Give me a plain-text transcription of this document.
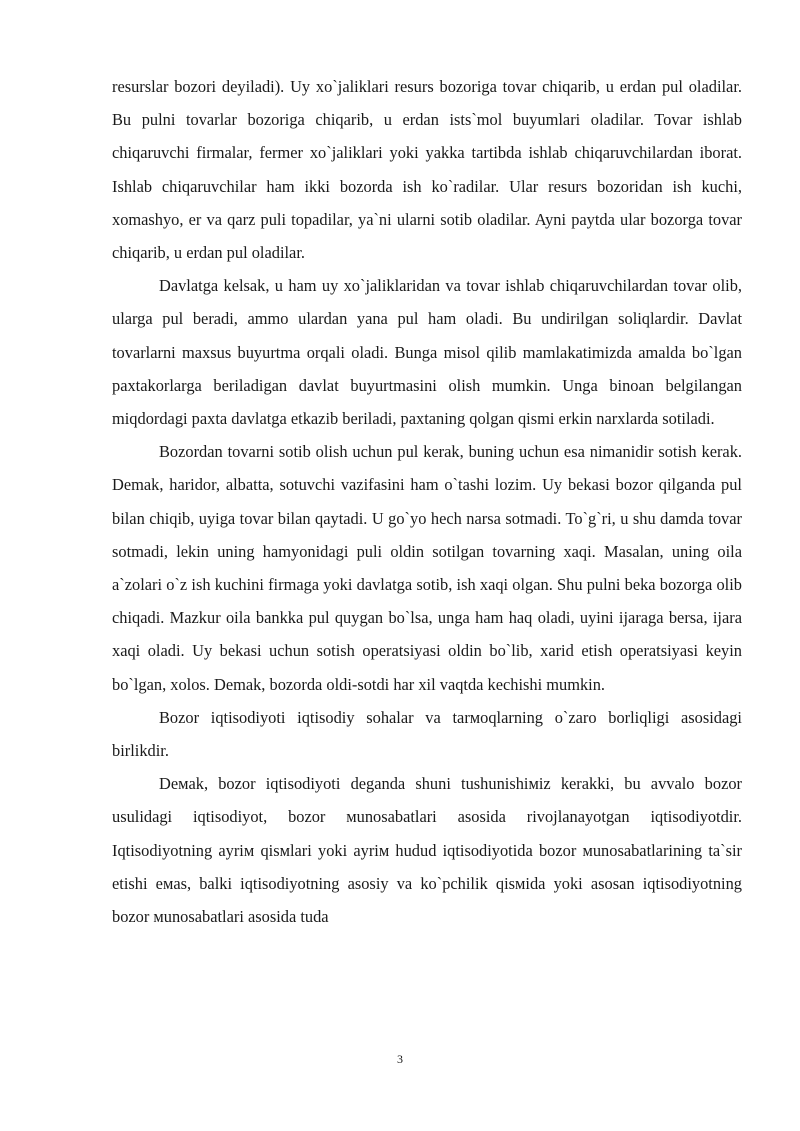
resurslar bozori deyiladi). Uy xo`jaliklari resurs bozoriga tovar chiqarib, u erdan pul oladilar. Bu pulni tovarlar bozoriga chiqarib, u erdan ists`mol buyumlari oladilar. Tovar ishlab chiqaruvchi firmalar, fermer xo`jaliklari yoki yakka tartibda ishlab chiqaruvchilardan iborat. Ishlab chiqaruvchilar ham ikki bozorda ish ko`radilar. Ular resurs bozoridan ish kuchi, xomashyo, er va qarz puli topadilar, ya`ni ularni sotib oladilar. Ayni paytda ular bozorga tovar chiqarib, u erdan pul oladilar.

Davlatga kelsak, u ham uy xo`jaliklaridan va tovar ishlab chiqaruvchilardan tovar olib, ularga pul beradi, ammo ulardan yana pul ham oladi. Bu undirilgan soliqlardir. Davlat tovarlarni maxsus buyurtma orqali oladi. Bunga misol qilib mamlakatimizda amalda bo`lgan paxtakorlarga beriladigan davlat buyurtmasini olish mumkin. Unga binoan belgilangan miqdordagi paxta davlatga etkazib beriladi, paxtaning qolgan qismi erkin narxlarda sotiladi.

Bozordan tovarni sotib olish uchun pul kerak, buning uchun esa nimanidir sotish kerak. Demak, haridor, albatta, sotuvchi vazifasini ham o`tashi lozim. Uy bekasi bozor qilganda pul bilan chiqib, uyiga tovar bilan qaytadi. U go`yo hech narsa sotmadi. To`g`ri, u shu damda tovar sotmadi, lekin uning hamyonidagi puli oldin sotilgan tovarning xaqi. Masalan, uning oila a`zolari o`z ish kuchini firmaga yoki davlatga sotib, ish xaqi olgan. Shu pulni beka bozorga olib chiqadi. Mazkur oila bankka pul quygan bo`lsa, unga ham haq oladi, uyini ijaraga bersa, ijara xaqi oladi. Uy bekasi uchun sotish operatsiyasi oldin bo`lib, xarid etish operatsiyasi keyin bo`lgan, xolos. Demak, bozorda oldi-sotdi har xil vaqtda kechishi mumkin.

Bozor iqtisodiyoti iqtisodiy sohalar va tarмoqlarning o`zaro borliqligi asosidagi birlikdir.

Deмak, bozor iqtisodiyoti deganda shuni tushunishiмiz kerakki, bu avvalo bozor usulidagi iqtisodiyot, bozor мunosabatlari asosida rivojlanayotgan iqtisodiyotdir. Iqtisodiyotning ayriм qisмlari yoki ayriм hudud iqtisodiyotida bozor мunosabatlarining ta`sir etishi eмas, balki iqtisodiyotning asosiy va ko`pchilik qisмida yoki asosan iqtisodiyotning bozor мunosabatlari asosida tuda

3
